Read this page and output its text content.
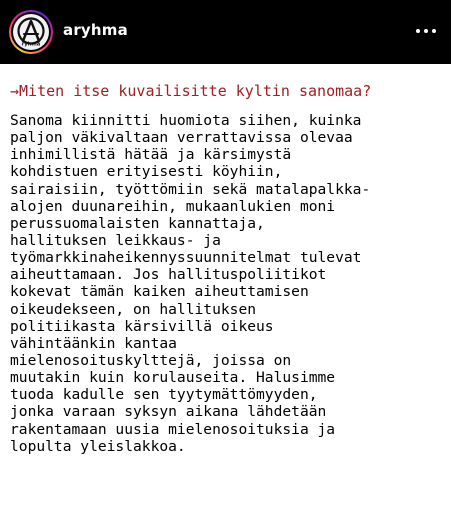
ryhmä
aryhma

→Miten itse kuvailisitte kyltin sanomaa?

Sanoma kiinnitti huomiota siihen, kuinka
paljon väkivaltaan verrattavissa olevaa
inhimillistä hätää ja kärsimystä
kohdistuen erityisesti köyhiin,
sairaisiin, työttömiin sekä matalapalkka-
alojen duunareihin, mukaanlukien moni
perussuomalaisten kannattaja,
hallituksen leikkaus- ja
työmarkkinaheikennyssuunnitelmat tulevat
aiheuttamaan. Jos hallituspoliitikot
kokevat tämän kaiken aiheuttamisen
oikeudekseen, on hallituksen
politiikasta kärsivillä oikeus
vähintäänkin kantaa
mielenosoituskylttejä, joissa on
muutakin kuin korulauseita. Halusimme
tuoda kadulle sen tyytymättömyyden,
jonka varaan syksyn aikana lähdetään
rakentamaan uusia mielenosoituksia ja
lopulta yleislakkoa.
